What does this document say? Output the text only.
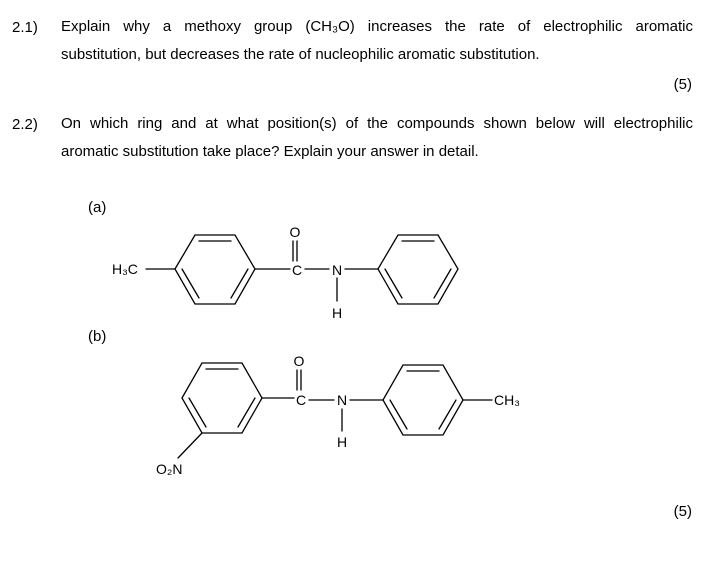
2.1) Explain why a methoxy group (CH₃O) increases the rate of electrophilic aromatic
substitution, but decreases the rate of nucleophilic aromatic substitution.
(5)
2.2) On which ring and at what position(s) of the compounds shown below will electrophilic
aromatic substitution take place? Explain your answer in detail.
(a)
(b)
H₃C
O
C N
H
O
C N
H
O₂N
CH₃
(5)
